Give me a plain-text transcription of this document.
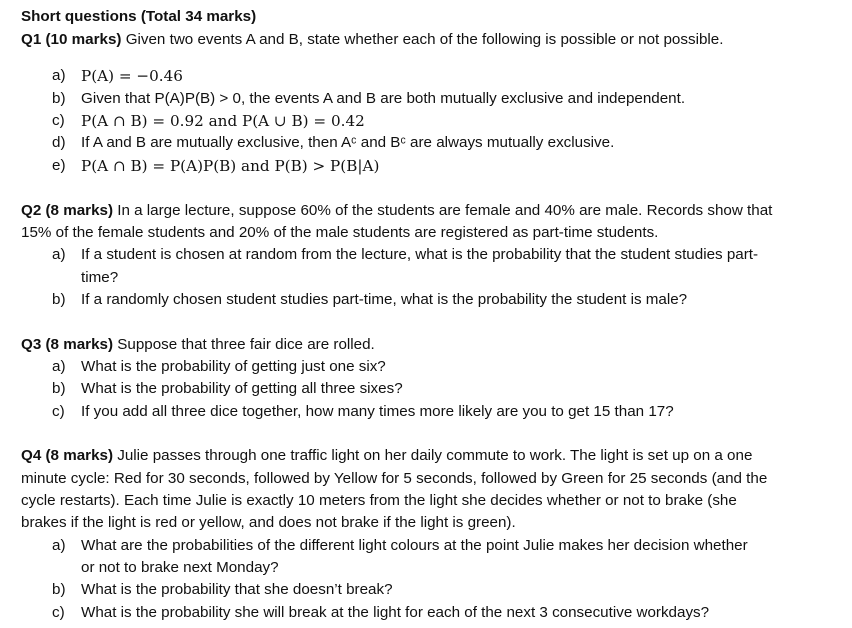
Short questions (Total 34 marks)
Q1 (10 marks) Given two events A and B, state whether each of the following is possible or not possible.
a) P(A) = −0.46
b) Given that P(A)P(B) > 0, the events A and B are both mutually exclusive and independent.
c) P(A ∩ B) = 0.92 and P(A ∪ B) = 0.42
d) If A and B are mutually exclusive, then Aᶜ and Bᶜ are always mutually exclusive.
e) P(A ∩ B) = P(A)P(B) and P(B) > P(B|A)
Q2 (8 marks) In a large lecture, suppose 60% of the students are female and 40% are male. Records show that
15% of the female students and 20% of the male students are registered as part-time students.
a) If a student is chosen at random from the lecture, what is the probability that the student studies part-
time?
b) If a randomly chosen student studies part-time, what is the probability the student is male?
Q3 (8 marks) Suppose that three fair dice are rolled.
a) What is the probability of getting just one six?
b) What is the probability of getting all three sixes?
c) If you add all three dice together, how many times more likely are you to get 15 than 17?
Q4 (8 marks) Julie passes through one traffic light on her daily commute to work. The light is set up on a one
minute cycle: Red for 30 seconds, followed by Yellow for 5 seconds, followed by Green for 25 seconds (and the
cycle restarts). Each time Julie is exactly 10 meters from the light she decides whether or not to brake (she
brakes if the light is red or yellow, and does not brake if the light is green).
a) What are the probabilities of the different light colours at the point Julie makes her decision whether
or not to brake next Monday?
b) What is the probability that she doesn’t break?
c) What is the probability she will break at the light for each of the next 3 consecutive workdays?
